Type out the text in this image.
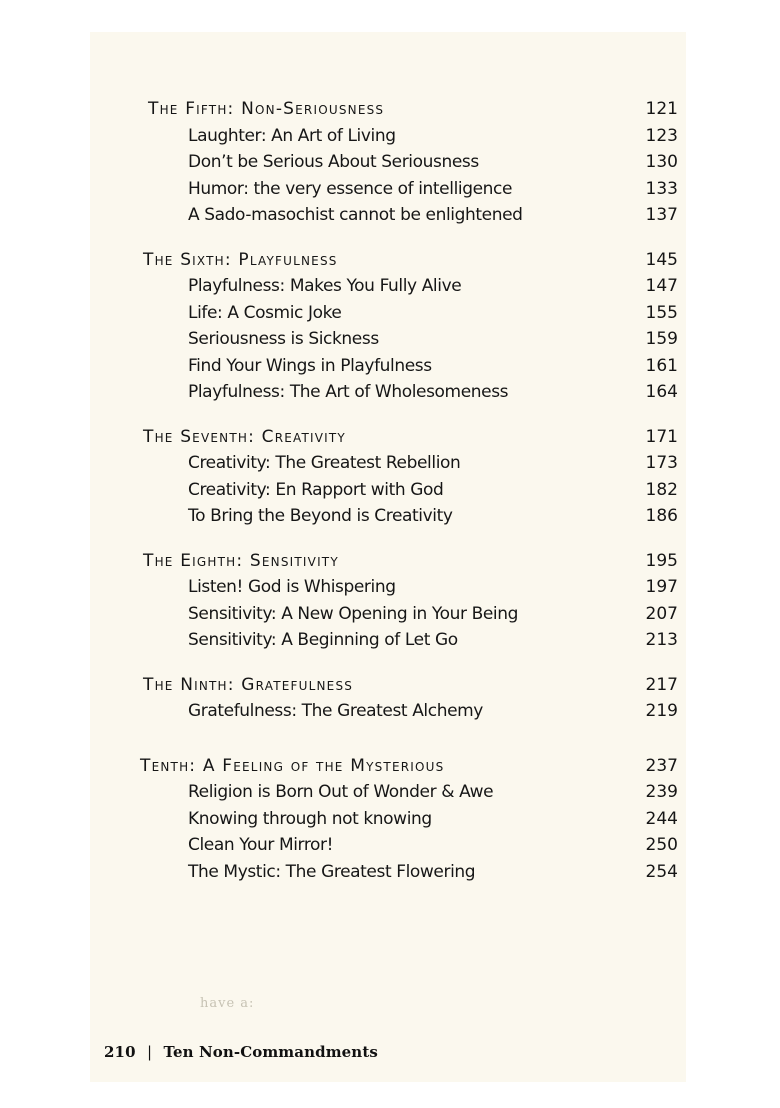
The Fifth: Non-Seriousness	121
Laughter: An Art of Living	123
Don’t be Serious About Seriousness	130
Humor: the very essence of intelligence	133
A Sado-masochist cannot be enlightened	137
The Sixth: Playfulness	145
Playfulness: Makes You Fully Alive	147
Life: A Cosmic Joke	155
Seriousness is Sickness	159
Find Your Wings in Playfulness	161
Playfulness: The Art of Wholesomeness	164
The Seventh: Creativity	171
Creativity: The Greatest Rebellion	173
Creativity: En Rapport with God	182
To Bring the Beyond is Creativity	186
The Eighth: Sensitivity	195
Listen! God is Whispering	197
Sensitivity: A New Opening in Your Being	207
Sensitivity: A Beginning of Let Go	213
The Ninth: Gratefulness	217
Gratefulness: The Greatest Alchemy	219
Tenth: A Feeling of the Mysterious	237
Religion is Born Out of Wonder & Awe	239
Knowing through not knowing	244
Clean Your Mirror!	250
The Mystic: The Greatest Flowering	254
have a:
210 | Ten Non-Commandments
